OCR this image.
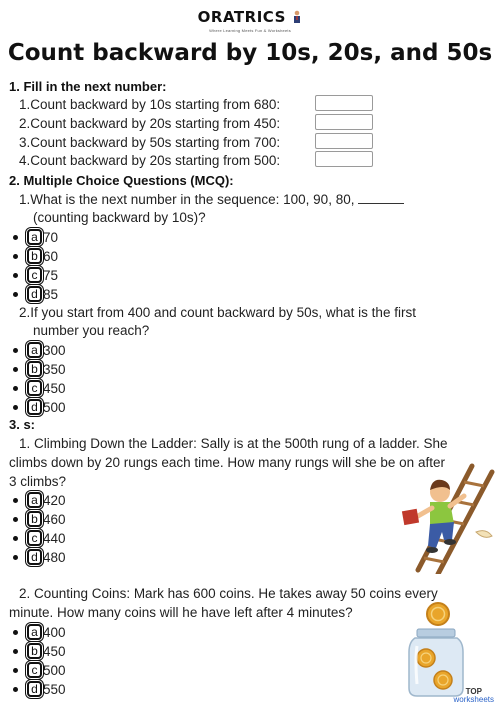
ORATRICS
Where Learning Meets Fun & Worksheets
Count backward by 10s, 20s, and 50s
1. Fill in the next number:
1.Count backward by 10s starting from 680:
2.Count backward by 20s starting from 450:
3.Count backward by 50s starting from 700:
4.Count backward by 20s starting from 500:
2. Multiple Choice Questions (MCQ):
1.What is the next number in the sequence: 100, 90, 80,
(counting backward by 10s)?
a 70
b 60
c 75
d 85
2.If you start from 400 and count backward by 50s, what is the first
number you reach?
a 300
b 350
c 450
d 500
3. s:
1. Climbing Down the Ladder: Sally is at the 500th rung of a ladder. She
climbs down by 20 rungs each time. How many rungs will she be on after
3 climbs?
a 420
b 460
c 440
d 480
2. Counting Coins: Mark has 600 coins. He takes away 50 coins every
minute. How many coins will he have left after 4 minutes?
a 400
b 450
c 500
d 550	TOP
worksheets
